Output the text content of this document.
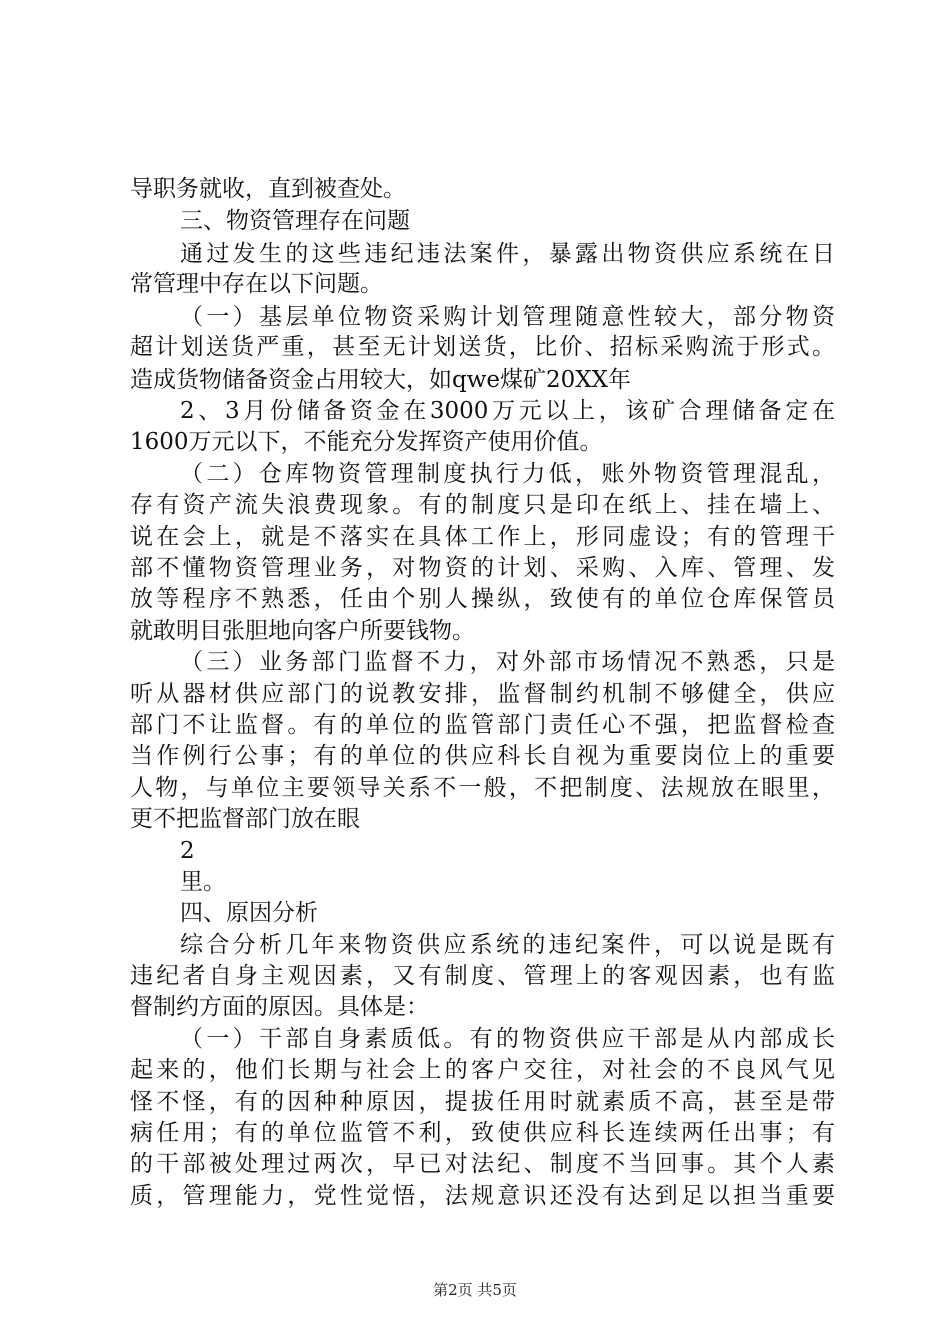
导职务就收，直到被查处。
三、物资管理存在问题
通过发生的这些违纪违法案件，暴露出物资供应系统在日
常管理中存在以下问题。
（一）基层单位物资采购计划管理随意性较大，部分物资
超计划送货严重，甚至无计划送货，比价、招标采购流于形式。
造成货物储备资金占用较大，如qwe煤矿20XX年
2、3月份储备资金在3000万元以上，该矿合理储备定在
1600万元以下，不能充分发挥资产使用价值。
（二）仓库物资管理制度执行力低，账外物资管理混乱，
存有资产流失浪费现象。有的制度只是印在纸上、挂在墙上、
说在会上，就是不落实在具体工作上，形同虚设；有的管理干
部不懂物资管理业务，对物资的计划、采购、入库、管理、发
放等程序不熟悉，任由个别人操纵，致使有的单位仓库保管员
就敢明目张胆地向客户所要钱物。
（三）业务部门监督不力，对外部市场情况不熟悉，只是
听从器材供应部门的说教安排，监督制约机制不够健全，供应
部门不让监督。有的单位的监管部门责任心不强，把监督检查
当作例行公事；有的单位的供应科长自视为重要岗位上的重要
人物，与单位主要领导关系不一般，不把制度、法规放在眼里，
更不把监督部门放在眼
2
里。
四、原因分析
综合分析几年来物资供应系统的违纪案件，可以说是既有
违纪者自身主观因素，又有制度、管理上的客观因素，也有监
督制约方面的原因。具体是：
（一）干部自身素质低。有的物资供应干部是从内部成长
起来的，他们长期与社会上的客户交往，对社会的不良风气见
怪不怪，有的因种种原因，提拔任用时就素质不高，甚至是带
病任用；有的单位监管不利，致使供应科长连续两任出事；有
的干部被处理过两次，早已对法纪、制度不当回事。其个人素
质，管理能力，党性觉悟，法规意识还没有达到足以担当重要
第2页 共5页
